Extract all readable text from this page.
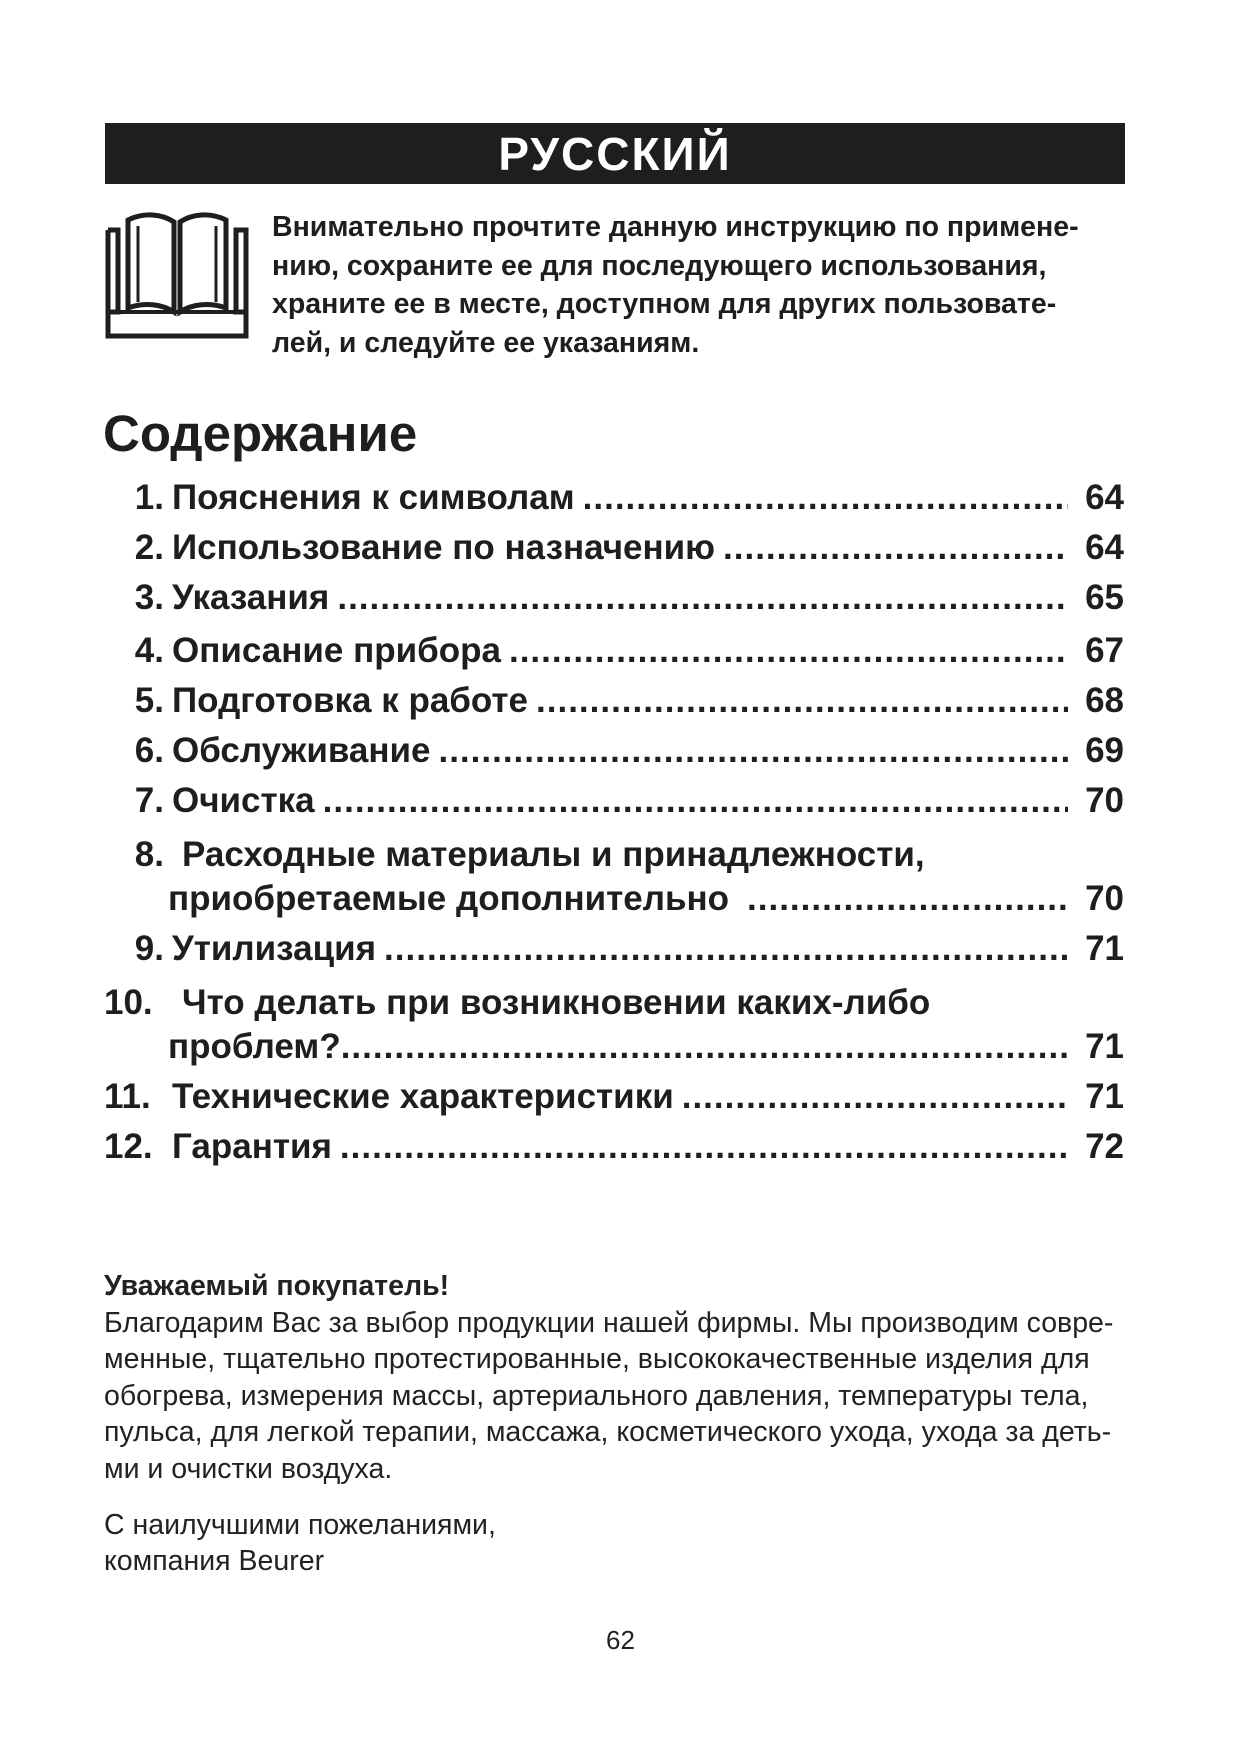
РУССКИЙ
Внимательно прочтите данную инструкцию по примене-
нию, сохраните ее для последующего использования,
храните ее в месте, доступном для других пользовате-
лей, и следуйте ее указаниям.
Содержание
1. Пояснения к символам .....	64
2. Использование по назначению .....	64
3. Указания .....	65
4. Описание прибора .....	67
5. Подготовка к работе .....	68
6. Обслуживание .....	69
7. Очистка .....	70
8. Расходные материалы и принадлежности,
приобретаемые дополнительно .....	70
9. Утилизация .....	71
10. Что делать при возникновении каких-либо
проблем? .....	71
11. Технические характеристики .....	71
12. Гарантия .....	72
Уважаемый покупатель!
Благодарим Вас за выбор продукции нашей фирмы. Мы производим совре-
менные, тщательно протестированные, высококачественные изделия для
обогрева, измерения массы, артериального давления, температуры тела,
пульса, для легкой терапии, массажа, косметического ухода, ухода за деть-
ми и очистки воздуха.
С наилучшими пожеланиями,
компания Beurer
62
